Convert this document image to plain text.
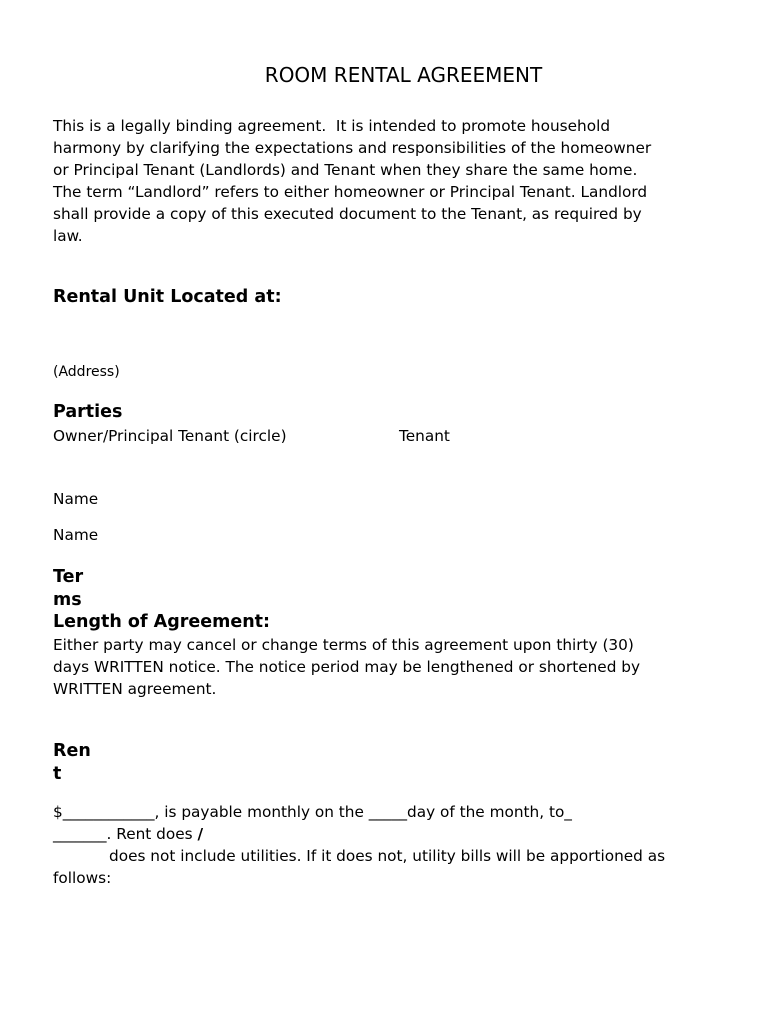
ROOM RENTAL AGREEMENT

This is a legally binding agreement.  It is intended to promote household

harmony by clarifying the expectations and responsibilities of the homeowner

or Principal Tenant (Landlords) and Tenant when they share the same home.

The term “Landlord” refers to either homeowner or Principal Tenant. Landlord

shall provide a copy of this executed document to the Tenant, as required by

law.

Rental Unit Located at:
(Address)
Parties
Owner/Principal Tenant (circle)	Tenant
Name
Name
Ter
ms
Length of Agreement:

Either party may cancel or change terms of this agreement upon thirty (30)

days WRITTEN notice. The notice period may be lengthened or shortened by

WRITTEN agreement.

Ren
t

$____________, is payable monthly on the _____day of the month, to_

_______. Rent does /

does not include utilities. If it does not, utility bills will be apportioned as

follows:
